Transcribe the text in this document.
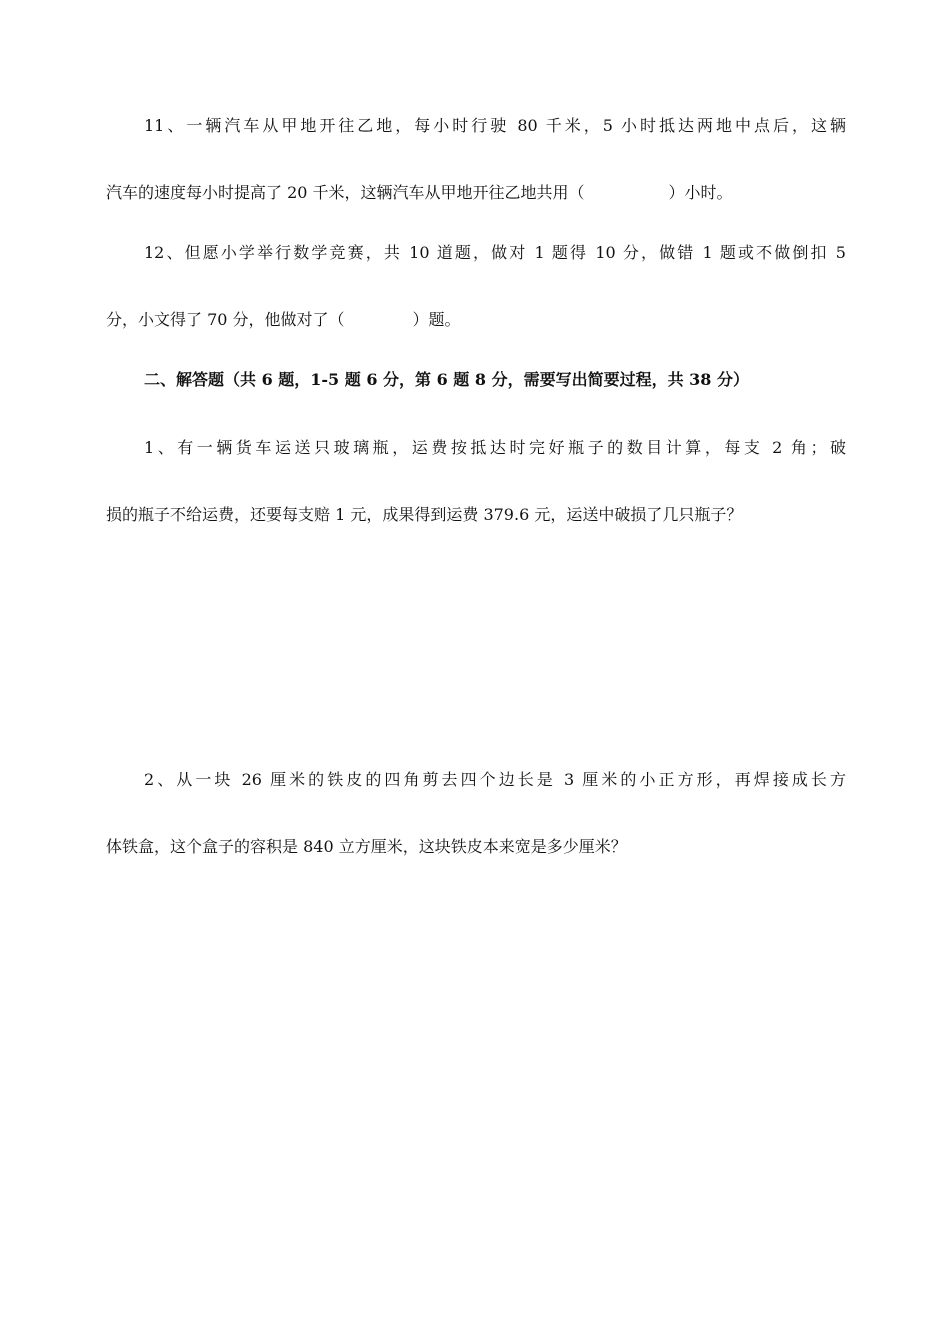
11、一辆汽车从甲地开往乙地，每小时行驶 80 千米，5 小时抵达两地中点后，这辆
汽车的速度每小时提高了 20 千米，这辆汽车从甲地开往乙地共用（	）小时。
12、但愿小学举行数学竞赛，共 10 道题，做对 1 题得 10 分，做错 1 题或不做倒扣 5
分，小文得了 70 分，他做对了（	）题。

二、解答题（共 6 题，1-5 题 6 分，第 6 题 8 分，需要写出简要过程，共 38 分）

1、有一辆货车运送只玻璃瓶，运费按抵达时完好瓶子的数目计算，每支 2 角；破
损的瓶子不给运费，还要每支赔 1 元，成果得到运费 379.6 元，运送中破损了几只瓶子？
2、从一块 26 厘米的铁皮的四角剪去四个边长是 3 厘米的小正方形，再焊接成长方
体铁盒，这个盒子的容积是 840 立方厘米，这块铁皮本来宽是多少厘米？
